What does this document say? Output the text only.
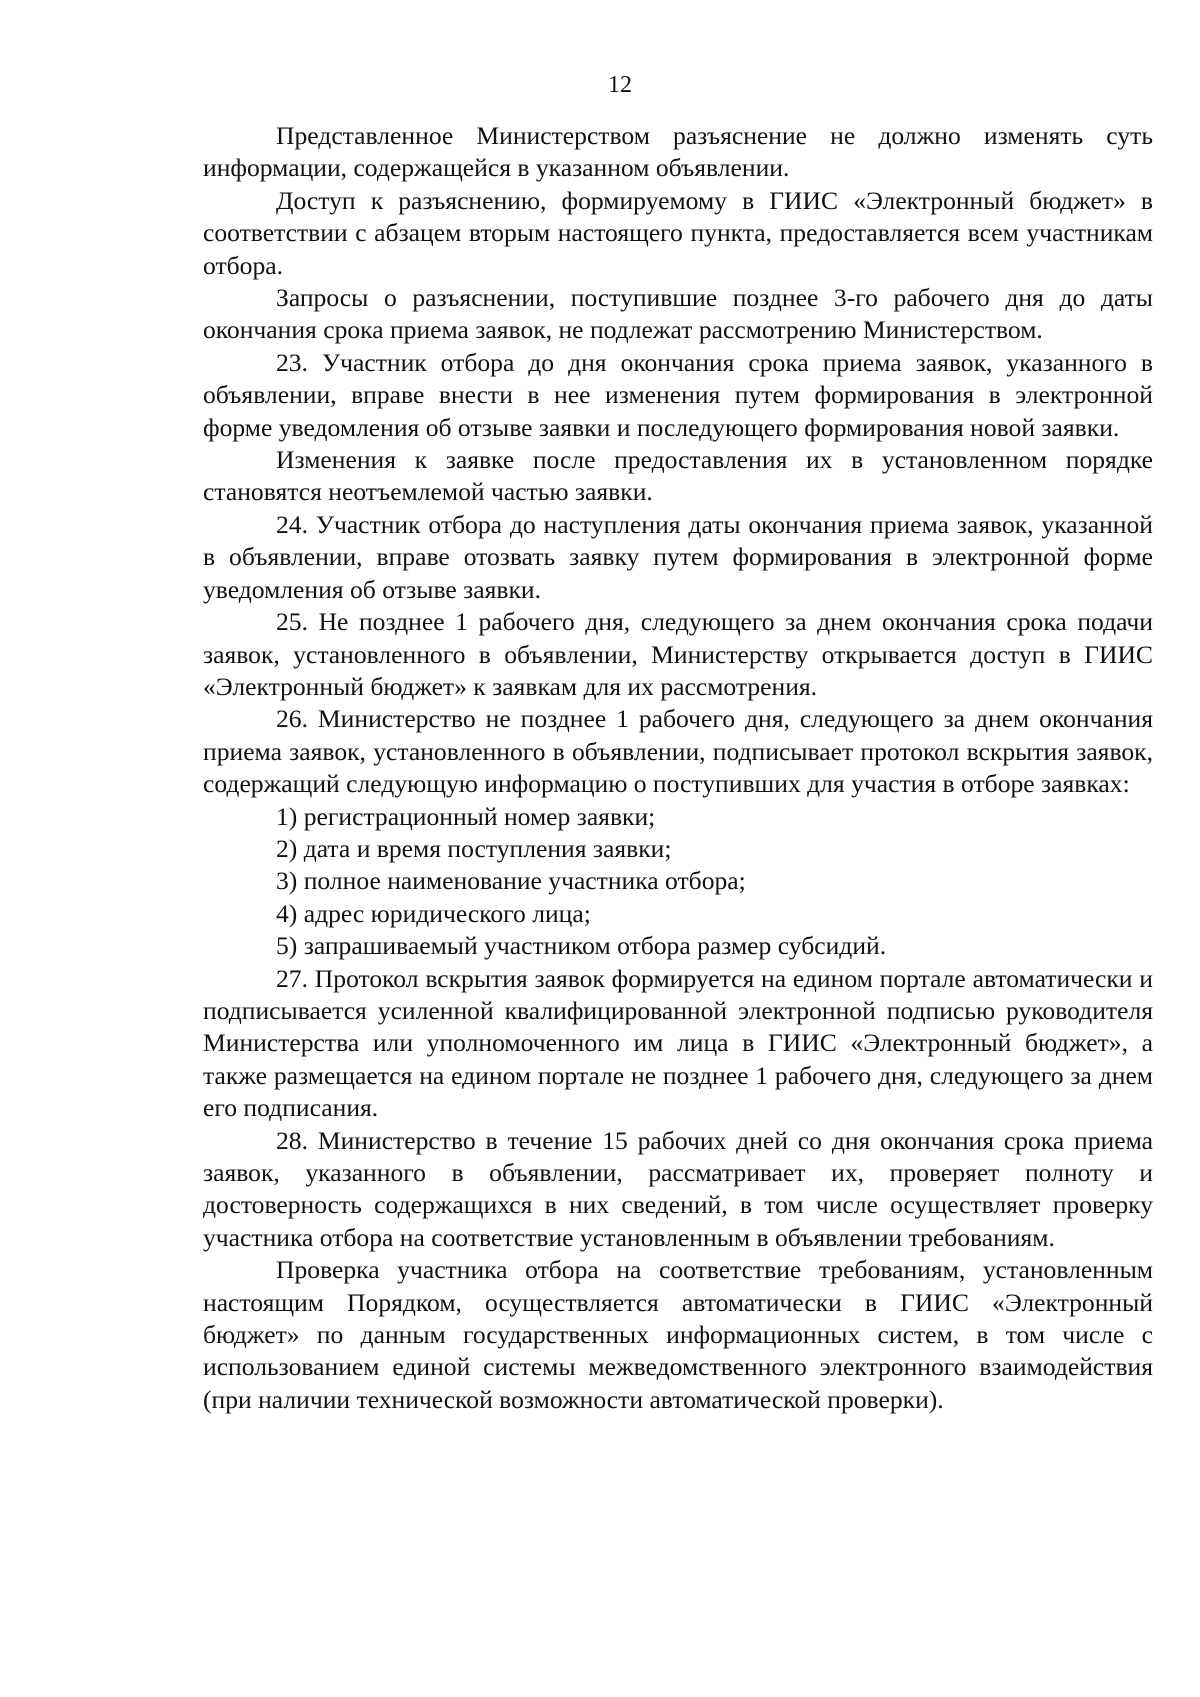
12

Представленное Министерством разъяснение не должно изменять суть информации, содержащейся в указанном объявлении.

Доступ к разъяснению, формируемому в ГИИС «Электронный бюджет» в соответствии с абзацем вторым настоящего пункта, предоставляется всем участникам отбора.

Запросы о разъяснении, поступившие позднее 3-го рабочего дня до даты окончания срока приема заявок, не подлежат рассмотрению Министерством.

23. Участник отбора до дня окончания срока приема заявок, указанного в объявлении, вправе внести в нее изменения путем формирования в электронной форме уведомления об отзыве заявки и последующего формирования новой заявки.

Изменения к заявке после предоставления их в установленном порядке становятся неотъемлемой частью заявки.

24. Участник отбора до наступления даты окончания приема заявок, указанной в объявлении, вправе отозвать заявку путем формирования в электронной форме уведомления об отзыве заявки.

25. Не позднее 1 рабочего дня, следующего за днем окончания срока подачи заявок, установленного в объявлении, Министерству открывается доступ в ГИИС «Электронный бюджет» к заявкам для их рассмотрения.

26. Министерство не позднее 1 рабочего дня, следующего за днем окончания приема заявок, установленного в объявлении, подписывает протокол вскрытия заявок, содержащий следующую информацию о поступивших для участия в отборе заявках:

1) регистрационный номер заявки;

2) дата и время поступления заявки;

3) полное наименование участника отбора;

4) адрес юридического лица;

5) запрашиваемый участником отбора размер субсидий.

27. Протокол вскрытия заявок формируется на едином портале автоматически и подписывается усиленной квалифицированной электронной подписью руководителя Министерства или уполномоченного им лица в ГИИС «Электронный бюджет», а также размещается на едином портале не позднее 1 рабочего дня, следующего за днем его подписания.

28. Министерство в течение 15 рабочих дней со дня окончания срока приема заявок, указанного в объявлении, рассматривает их, проверяет полноту и достоверность содержащихся в них сведений, в том числе осуществляет проверку участника отбора на соответствие установленным в объявлении требованиям.

Проверка участника отбора на соответствие требованиям, установленным настоящим Порядком, осуществляется автоматически в ГИИС «Электронный бюджет» по данным государственных информационных систем, в том числе с использованием единой системы межведомственного электронного взаимодействия (при наличии технической возможности автоматической проверки).
